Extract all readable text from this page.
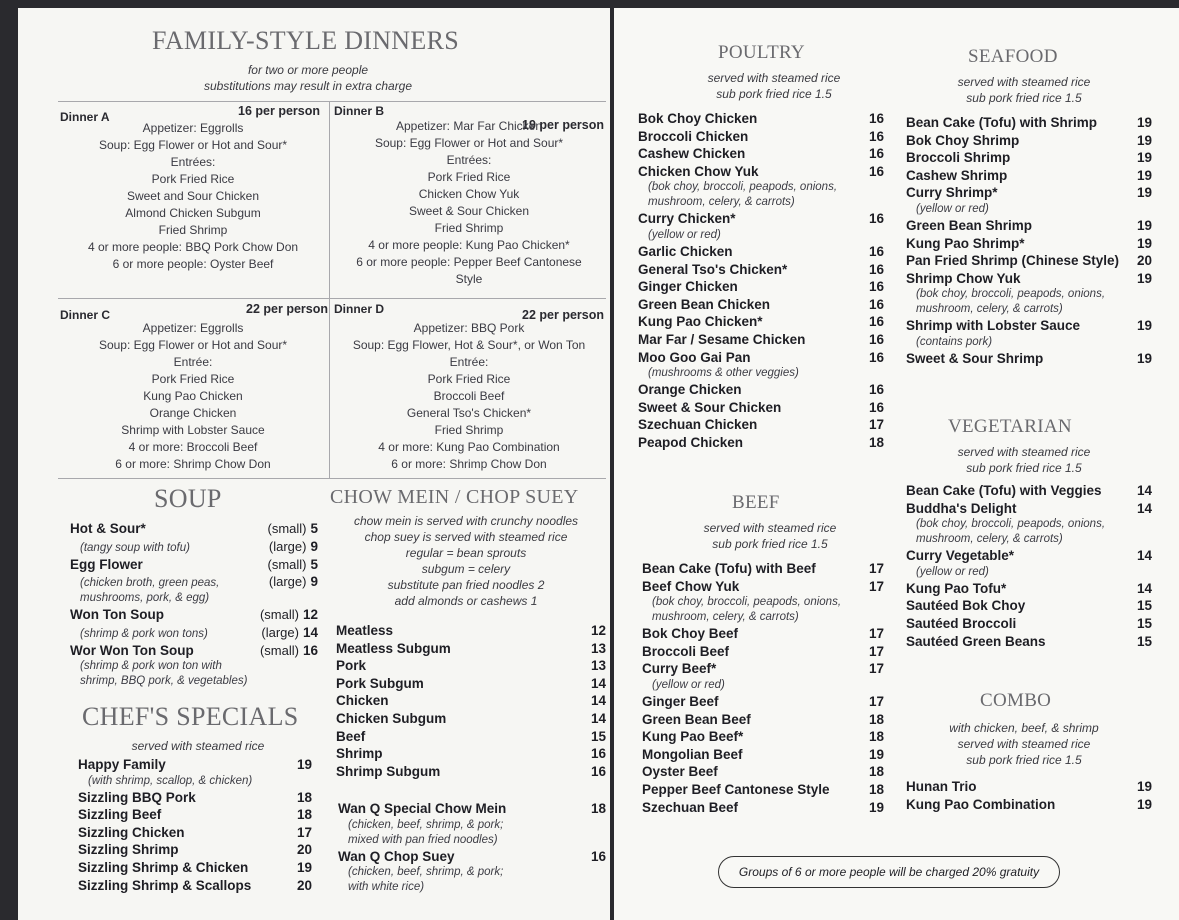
FAMILY-STYLE DINNERS
for two or more people
substitutions may result in extra charge
SOUP
Hot & Sour*	(small) 5
(tangy soup with tofu)	(large) 9
Egg Flower	(small) 5
(chicken broth, green peas,	(large) 9
mushrooms, pork, & egg)
Won Ton Soup	(small) 12
(shrimp & pork won tons)	(large) 14
Wor Won Ton Soup	(small) 16
(shrimp & pork won ton with
shrimp, BBQ pork, & vegetables)
CHEF'S SPECIALS
served with steamed rice
Happy Family	19
(with shrimp, scallop, & chicken)
Sizzling BBQ Pork	18
Sizzling Beef	18
Sizzling Chicken	17
Sizzling Shrimp	20
Sizzling Shrimp & Chicken	19
Sizzling Shrimp & Scallops	20
CHOW MEIN / CHOP SUEY
chow mein is served with crunchy noodles
chop suey is served with steamed rice
regular = bean sprouts
subgum = celery
substitute pan fried noodles 2
add almonds or cashews 1
Meatless	12
Meatless Subgum	13
Pork	13
Pork Subgum	14
Chicken	14
Chicken Subgum	14
Beef	15
Shrimp	16
Shrimp Subgum	16
Wan Q Special Chow Mein	18
(chicken, beef, shrimp, & pork;
mixed with pan fried noodles)
Wan Q Chop Suey	16
(chicken, beef, shrimp, & pork;
with white rice)
Dinner A	16 per person
Appetizer: Eggrolls
Soup: Egg Flower or Hot and Sour*
Entrées:
Pork Fried Rice
Sweet and Sour Chicken
Almond Chicken Subgum
Fried Shrimp
4 or more people: BBQ Pork Chow Don
6 or more people: Oyster Beef
Dinner B
19 per person
Appetizer: Mar Far Chicken
Soup: Egg Flower or Hot and Sour*
Entrées:
Pork Fried Rice
Chicken Chow Yuk
Sweet & Sour Chicken
Fried Shrimp
4 or more people: Kung Pao Chicken*
6 or more people: Pepper Beef Cantonese
Style
Dinner C	22 per person
Appetizer: Eggrolls
Soup: Egg Flower or Hot and Sour*
Entrée:
Pork Fried Rice
Kung Pao Chicken
Orange Chicken
Shrimp with Lobster Sauce
4 or more: Broccoli Beef
6 or more: Shrimp Chow Don
Dinner D	22 per person
Appetizer: BBQ Pork
Soup: Egg Flower, Hot & Sour*, or Won Ton
Entrée:
Pork Fried Rice
Broccoli Beef
General Tso's Chicken*
Fried Shrimp
4 or more: Kung Pao Combination
6 or more: Shrimp Chow Don
POULTRY
served with steamed rice
sub pork fried rice 1.5
Bok Choy Chicken	16
Broccoli Chicken	16
Cashew Chicken	16
Chicken Chow Yuk	16
(bok choy, broccoli, peapods, onions,
mushroom, celery, & carrots)
Curry Chicken*	16
(yellow or red)
Garlic Chicken	16
General Tso's Chicken*	16
Ginger Chicken	16
Green Bean Chicken	16
Kung Pao Chicken*	16
Mar Far / Sesame Chicken	16
Moo Goo Gai Pan	16
(mushrooms & other veggies)
Orange Chicken	16
Sweet & Sour Chicken	16
Szechuan Chicken	17
Peapod Chicken	18
BEEF
served with steamed rice
sub pork fried rice 1.5
Bean Cake (Tofu) with Beef	17
Beef Chow Yuk	17
(bok choy, broccoli, peapods, onions,
mushroom, celery, & carrots)
Bok Choy Beef	17
Broccoli Beef	17
Curry Beef*	17
(yellow or red)
Ginger Beef	17
Green Bean Beef	18
Kung Pao Beef*	18
Mongolian Beef	19
Oyster Beef	18
Pepper Beef Cantonese Style	18
Szechuan Beef	19
SEAFOOD
served with steamed rice
sub pork fried rice 1.5
Bean Cake (Tofu) with Shrimp	19
Bok Choy Shrimp	19
Broccoli Shrimp	19
Cashew Shrimp	19
Curry Shrimp*	19
(yellow or red)
Green Bean Shrimp	19
Kung Pao Shrimp*	19
Pan Fried Shrimp (Chinese Style) 20
Shrimp Chow Yuk	19
(bok choy, broccoli, peapods, onions,
mushroom, celery, & carrots)
Shrimp with Lobster Sauce	19
(contains pork)
Sweet & Sour Shrimp	19
VEGETARIAN
served with steamed rice
sub pork fried rice 1.5
Bean Cake (Tofu) with Veggies	14
Buddha's Delight	14
(bok choy, broccoli, peapods, onions,
mushroom, celery, & carrots)
Curry Vegetable*	14
(yellow or red)
Kung Pao Tofu*	14
Sautéed Bok Choy	15
Sautéed Broccoli	15
Sautéed Green Beans	15
COMBO
with chicken, beef, & shrimp
served with steamed rice
sub pork fried rice 1.5
Hunan Trio	19
Kung Pao Combination	19
Groups of 6 or more people will be charged 20% gratuity
